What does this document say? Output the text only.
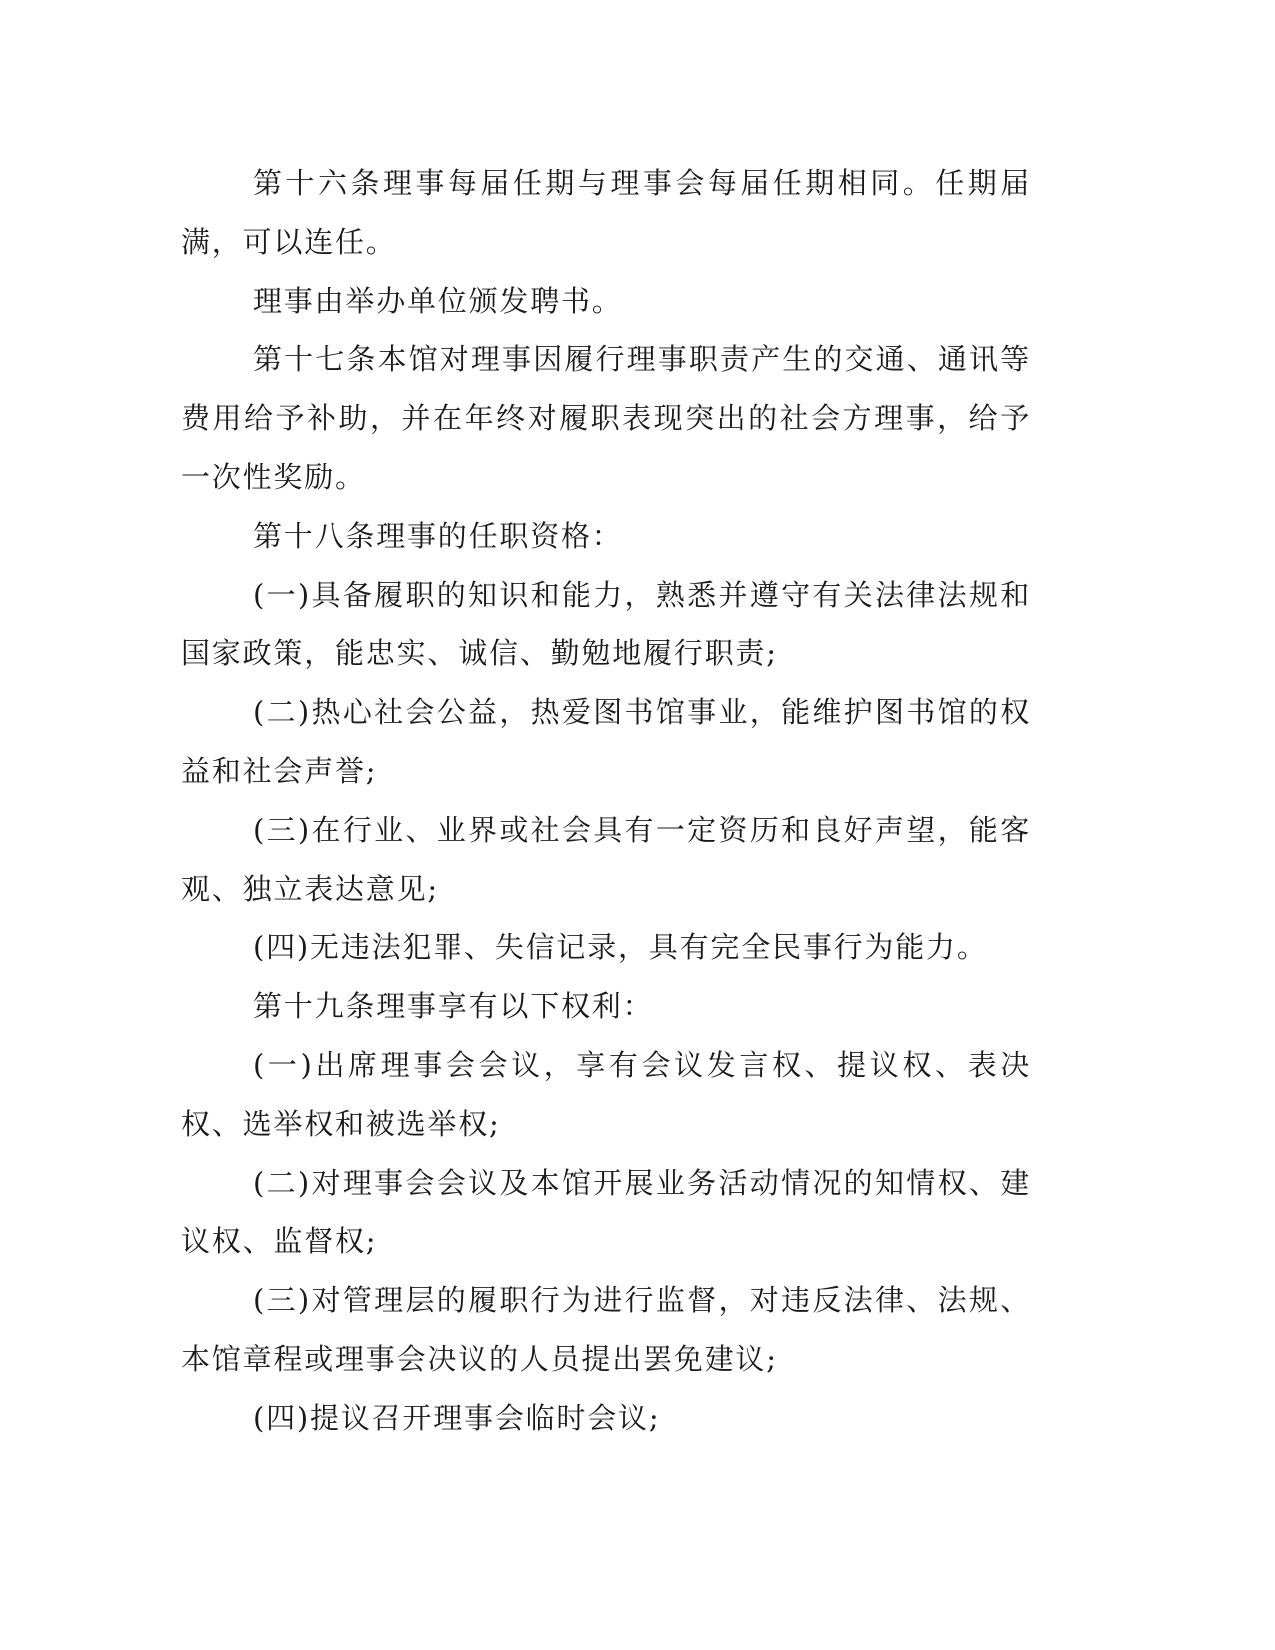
第十六条理事每届任期与理事会每届任期相同。任期届满，可以连任。

理事由举办单位颁发聘书。

第十七条本馆对理事因履行理事职责产生的交通、通讯等费用给予补助，并在年终对履职表现突出的社会方理事，给予一次性奖励。

第十八条理事的任职资格：

(一)具备履职的知识和能力，熟悉并遵守有关法律法规和国家政策，能忠实、诚信、勤勉地履行职责;

(二)热心社会公益，热爱图书馆事业，能维护图书馆的权益和社会声誉;

(三)在行业、业界或社会具有一定资历和良好声望，能客观、独立表达意见;

(四)无违法犯罪、失信记录，具有完全民事行为能力。

第十九条理事享有以下权利：

(一)出席理事会会议，享有会议发言权、提议权、表决权、选举权和被选举权;

(二)对理事会会议及本馆开展业务活动情况的知情权、建议权、监督权;

(三)对管理层的履职行为进行监督，对违反法律、法规、本馆章程或理事会决议的人员提出罢免建议;

(四)提议召开理事会临时会议;
